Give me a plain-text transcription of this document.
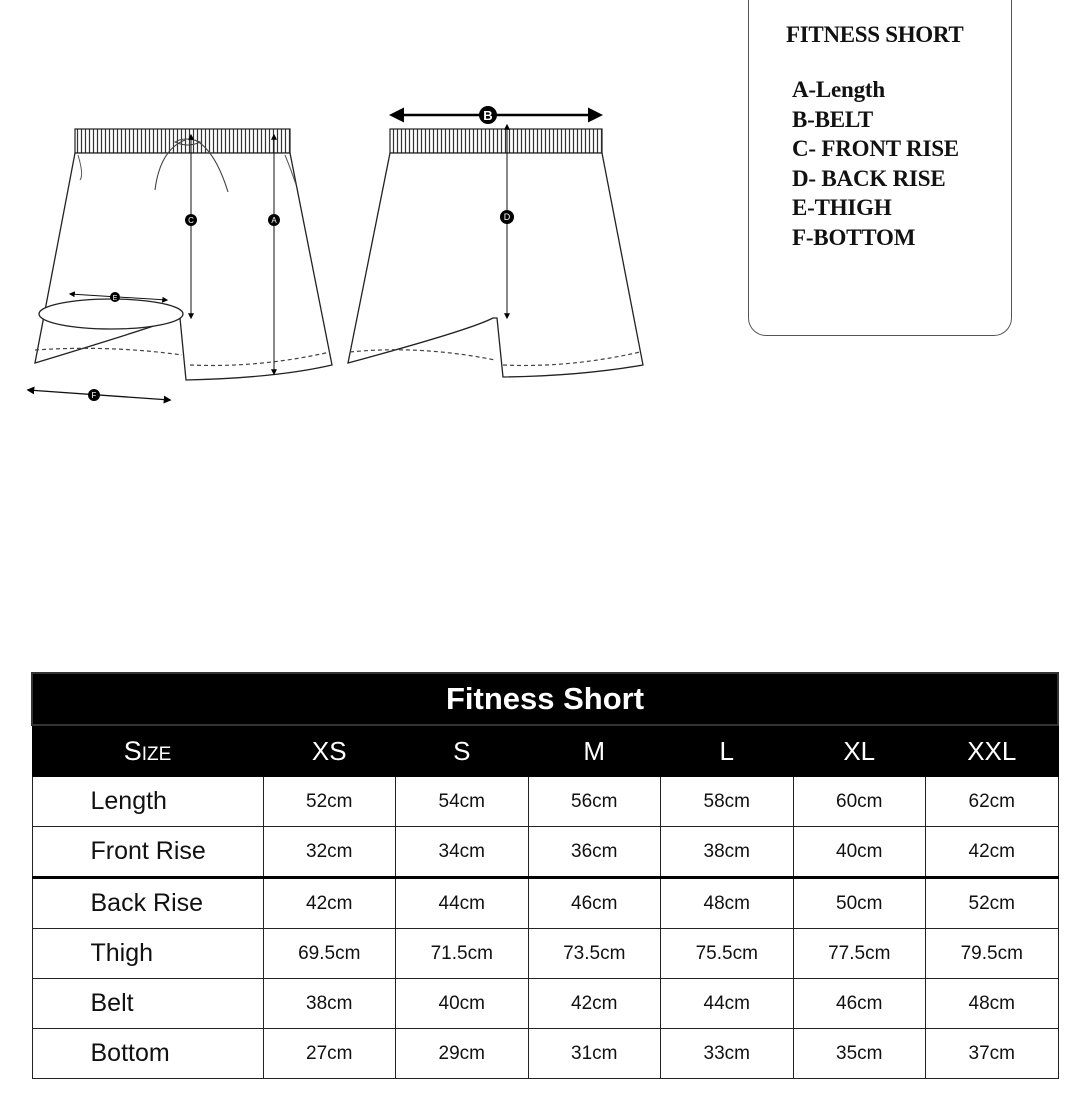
A
C
E
F
D
B
FITNESS SHORT
A-Length
B-BELT
C- FRONT RISE
D- BACK RISE
E-THIGH
F-BOTTOM
Fitness Short						
Size	XS	S	M	L	XL	XXL
Length	52cm	54cm	56cm	58cm	60cm	62cm
Front Rise	32cm	34cm	36cm	38cm	40cm	42cm
Back Rise	42cm	44cm	46cm	48cm	50cm	52cm
Thigh	69.5cm	71.5cm	73.5cm	75.5cm	77.5cm	79.5cm
Belt	38cm	40cm	42cm	44cm	46cm	48cm
Bottom	27cm	29cm	31cm	33cm	35cm	37cm
